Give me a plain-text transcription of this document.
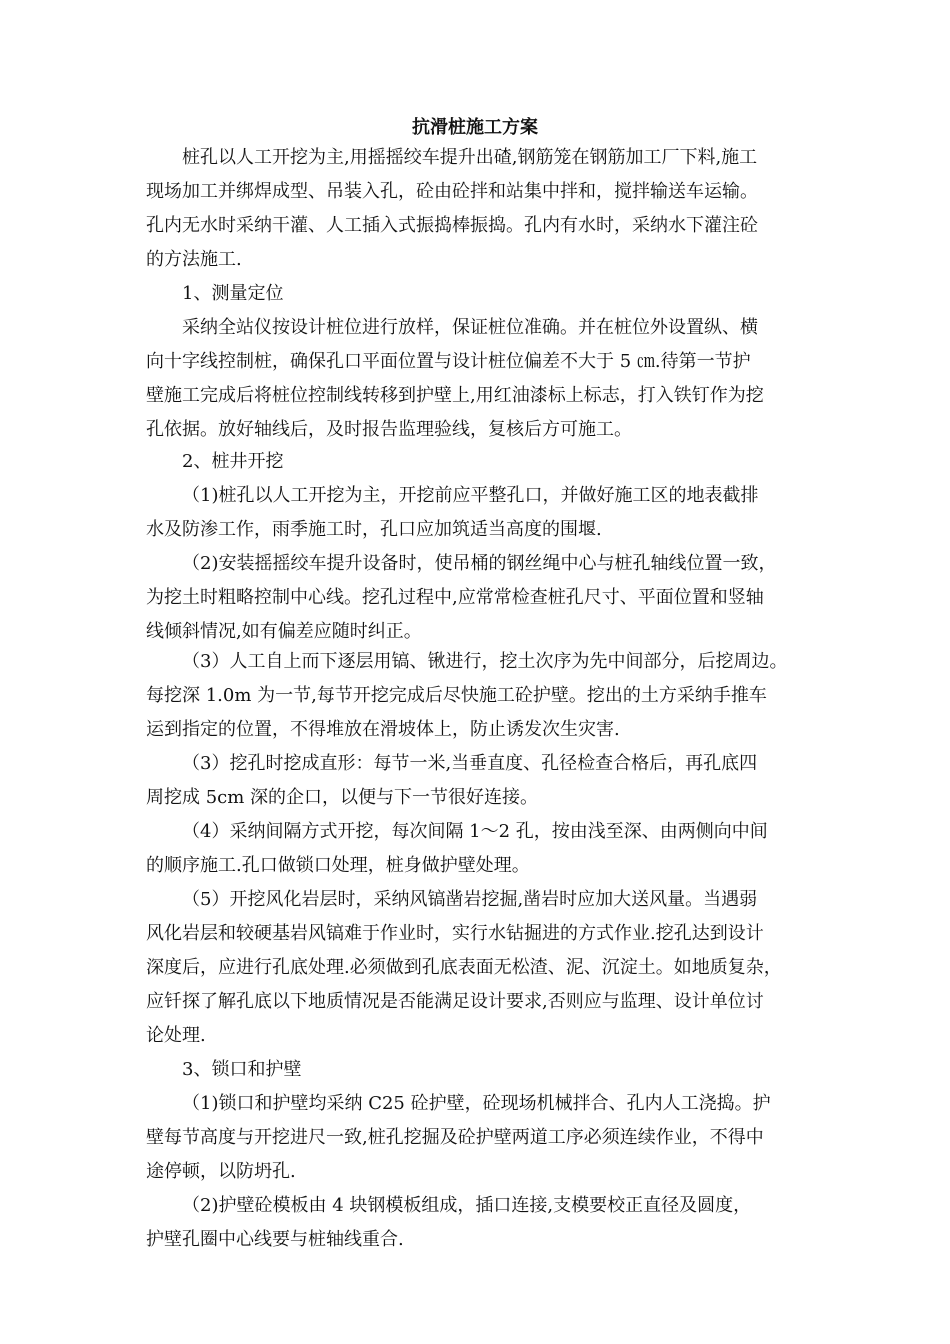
抗滑桩施工方案
桩孔以人工开挖为主,用摇摇绞车提升出碴,钢筋笼在钢筋加工厂下料,施工
现场加工并绑焊成型、吊装入孔，砼由砼拌和站集中拌和，搅拌输送车运输。
孔内无水时采纳干灌、人工插入式振捣棒振捣。孔内有水时，采纳水下灌注砼
的方法施工.
1、测量定位
采纳全站仪按设计桩位进行放样，保证桩位准确。并在桩位外设置纵、横
向十字线控制桩，确保孔口平面位置与设计桩位偏差不大于 5 ㎝.待第一节护
壁施工完成后将桩位控制线转移到护壁上,用红油漆标上标志，打入铁钉作为挖
孔依据。放好轴线后，及时报告监理验线，复核后方可施工。
2、桩井开挖
（1)桩孔以人工开挖为主，开挖前应平整孔口，并做好施工区的地表截排
水及防渗工作，雨季施工时，孔口应加筑适当高度的围堰.
（2)安装摇摇绞车提升设备时，使吊桶的钢丝绳中心与桩孔轴线位置一致，
为挖土时粗略控制中心线。挖孔过程中,应常常检查桩孔尺寸、平面位置和竖轴
线倾斜情况,如有偏差应随时纠正。
（3）人工自上而下逐层用镐、锹进行，挖土次序为先中间部分，后挖周边。
每挖深 1.0m 为一节,每节开挖完成后尽快施工砼护壁。挖出的土方采纳手推车
运到指定的位置，不得堆放在滑坡体上，防止诱发次生灾害.
（3）挖孔时挖成直形：每节一米,当垂直度、孔径检查合格后，再孔底四
周挖成 5cm 深的企口，以便与下一节很好连接。
（4）采纳间隔方式开挖，每次间隔 1～2 孔，按由浅至深、由两侧向中间
的顺序施工.孔口做锁口处理，桩身做护壁处理。
（5）开挖风化岩层时，采纳风镐凿岩挖掘,凿岩时应加大送风量。当遇弱
风化岩层和较硬基岩风镐难于作业时，实行水钻掘进的方式作业.挖孔达到设计
深度后，应进行孔底处理.必须做到孔底表面无松渣、泥、沉淀土。如地质复杂，
应钎探了解孔底以下地质情况是否能满足设计要求,否则应与监理、设计单位讨
论处理.
3、锁口和护壁
（1)锁口和护壁均采纳 C25 砼护壁，砼现场机械拌合、孔内人工浇捣。护
壁每节高度与开挖进尺一致,桩孔挖掘及砼护壁两道工序必须连续作业，不得中
途停顿，以防坍孔.
（2)护壁砼模板由 4 块钢模板组成，插口连接,支模要校正直径及圆度，
护壁孔圈中心线要与桩轴线重合.
